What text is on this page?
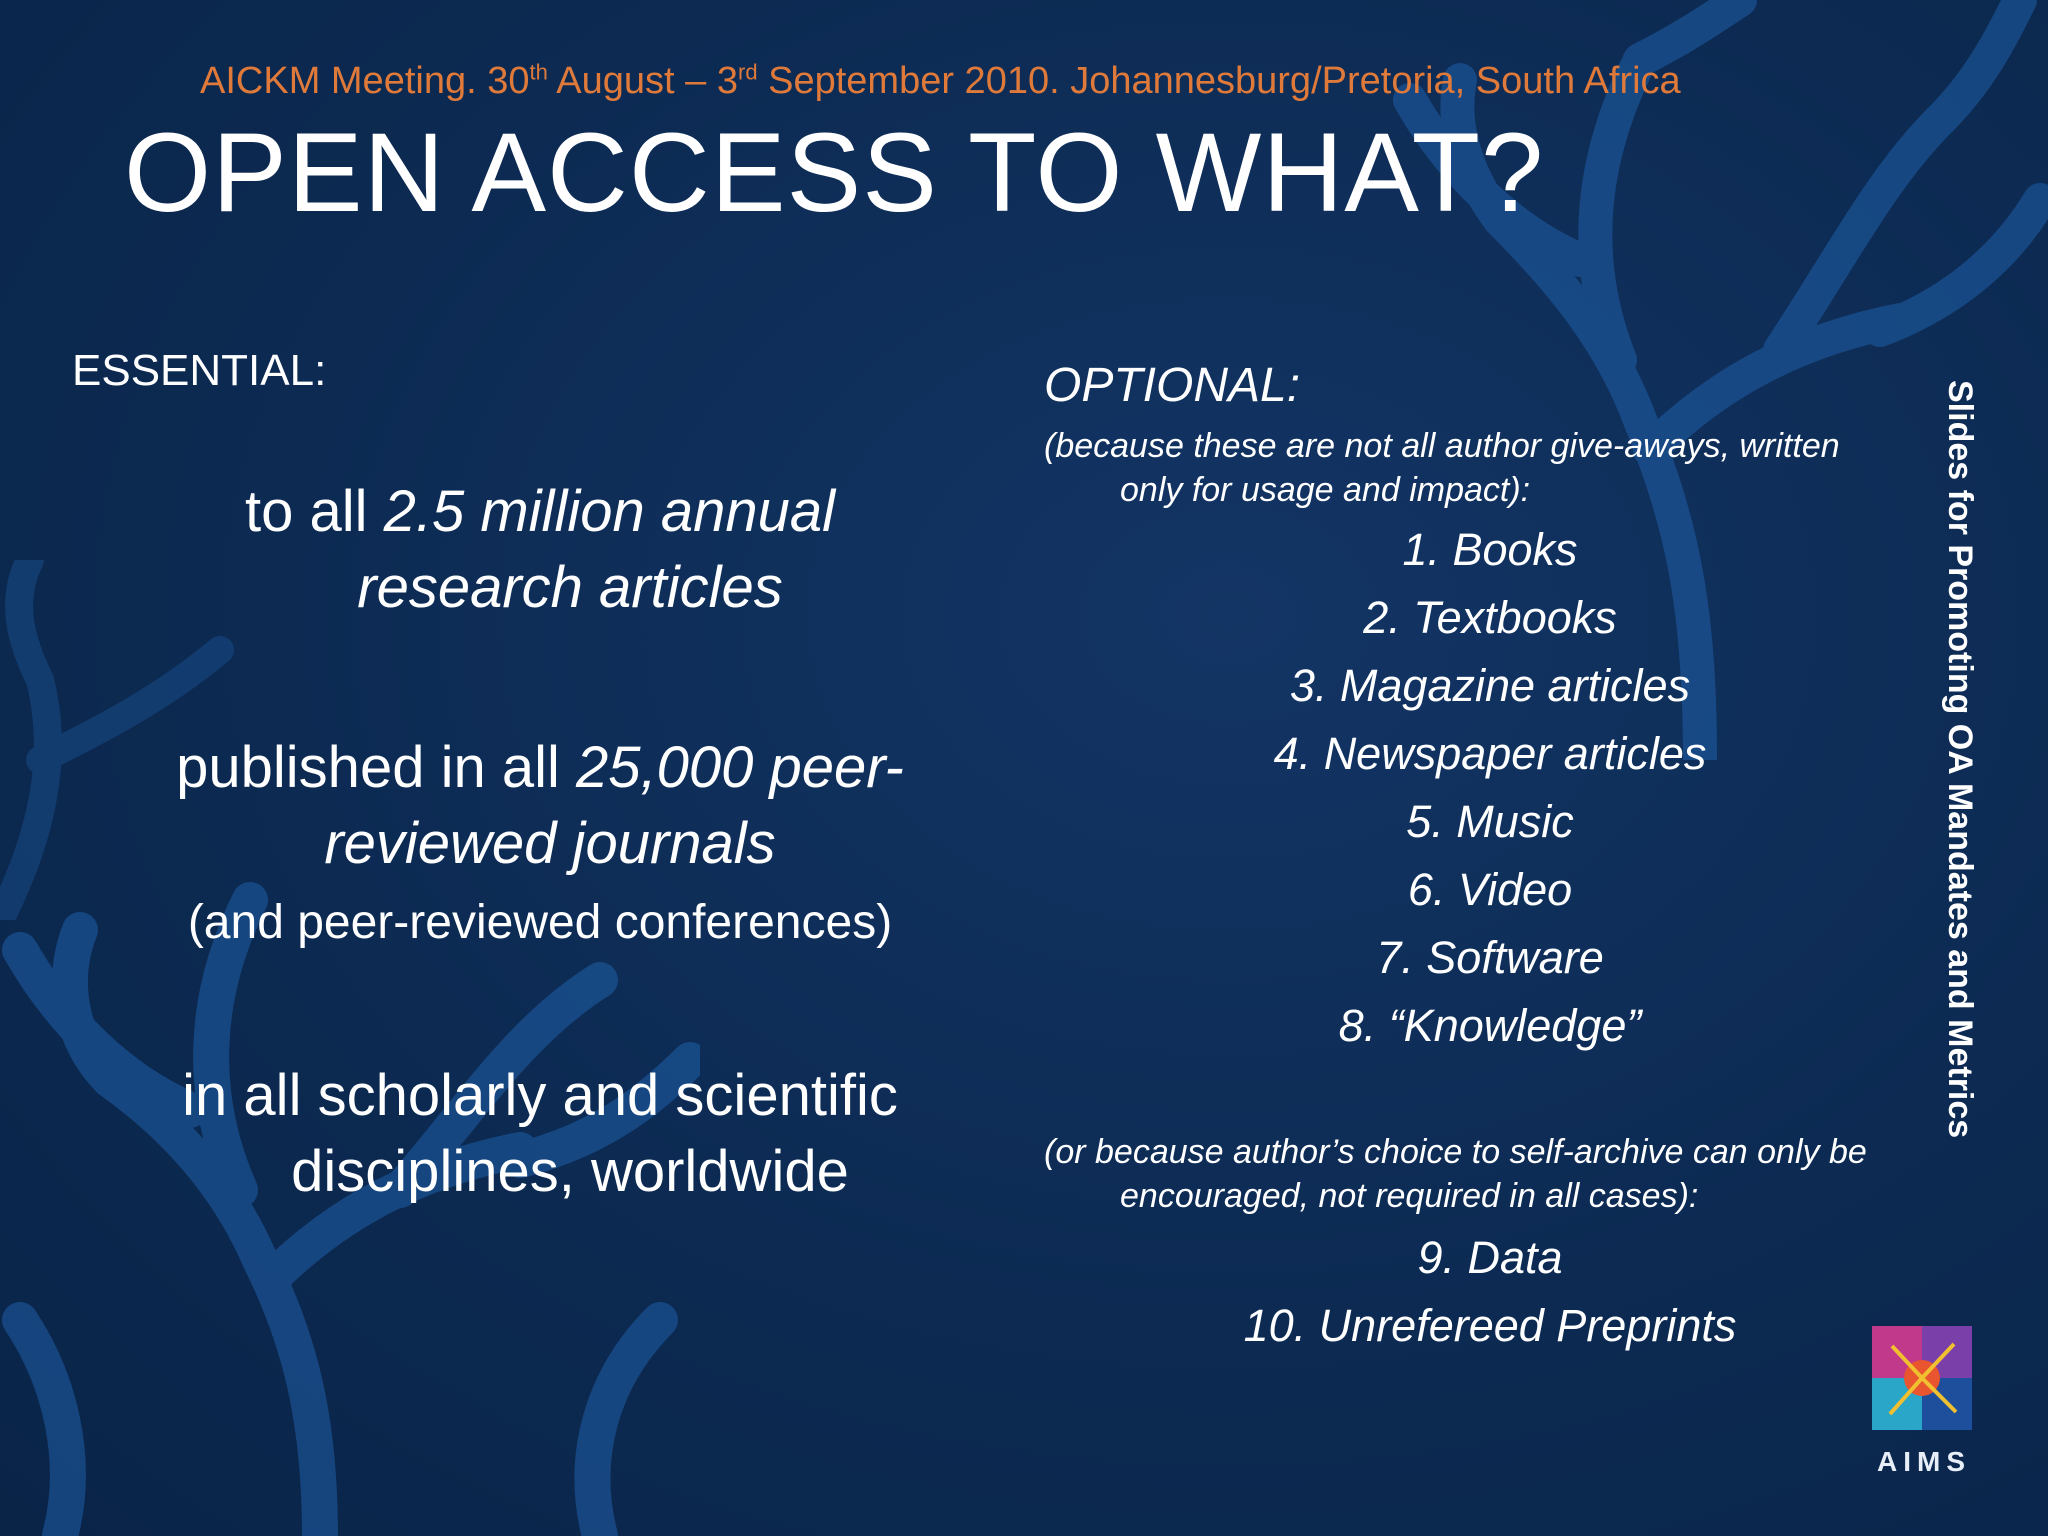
AICKM Meeting. 30th August – 3rd September 2010. Johannesburg/Pretoria, South Africa
OPEN ACCESS TO WHAT?
ESSENTIAL:
to all 2.5 million annual
research articles
published in all 25,000 peer-
reviewed journals
(and peer-reviewed conferences)
in all scholarly and scientific
disciplines, worldwide
OPTIONAL:
(because these are not all author give-aways, written
only for usage and impact):
1. Books
2. Textbooks
3. Magazine articles
4. Newspaper articles
5. Music
6. Video
7. Software
8. “Knowledge”
(or because author’s choice to self-archive can only be
encouraged, not required in all cases):
9. Data
10. Unrefereed Preprints
Slides for Promoting OA Mandates and Metrics
AIMS
